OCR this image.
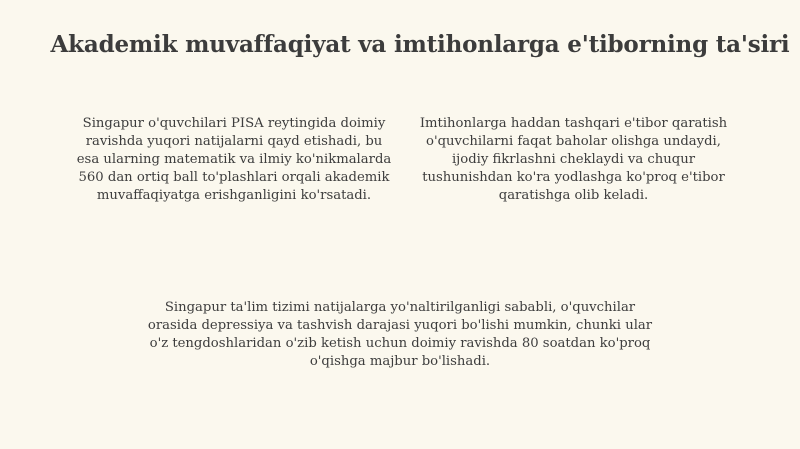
Akademik muvaffaqiyat va imtihonlarga e'tiborning ta'siri

Singapur o'quvchilari PISA reytingida doimiy ravishda yuqori natijalarni qayd etishadi, bu esa ularning matematik va ilmiy ko'nikmalarda 560 dan ortiq ball to'plashlari orqali akademik muvaffaqiyatga erishganligini ko'rsatadi.

Imtihonlarga haddan tashqari e'tibor qaratish o'quvchilarni faqat baholar olishga undaydi, ijodiy fikrlashni cheklaydi va chuqur tushunishdan ko'ra yodlashga ko'proq e'tibor qaratishga olib keladi.

Singapur ta'lim tizimi natijalarga yo'naltirilganligi sababli, o'quvchilar orasida depressiya va tashvish darajasi yuqori bo'lishi mumkin, chunki ular o'z tengdoshlaridan o'zib ketish uchun doimiy ravishda 80 soatdan ko'proq o'qishga majbur bo'lishadi.
